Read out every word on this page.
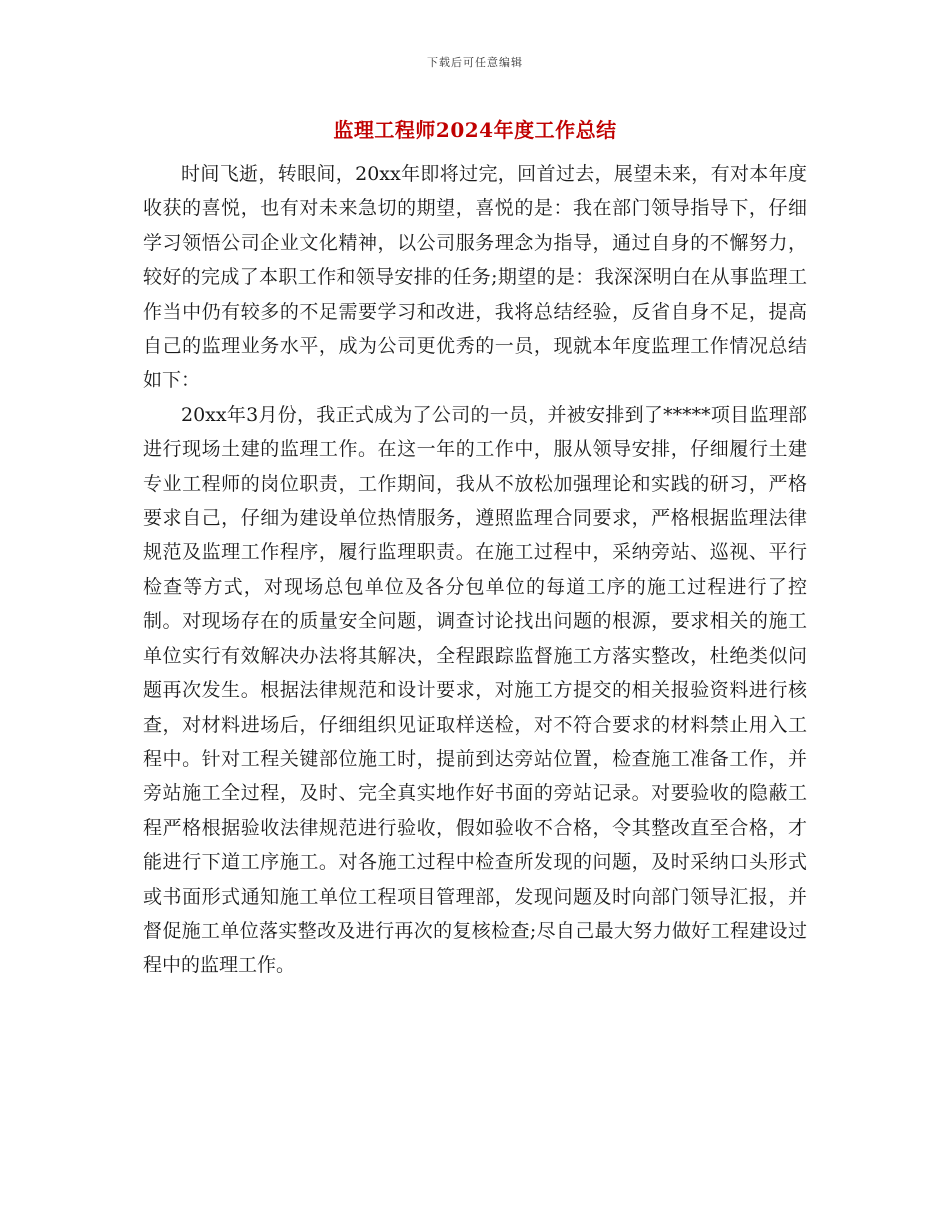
下载后可任意编辑
监理工程师2024年度工作总结

时间飞逝，转眼间，20xx年即将过完，回首过去，展望未来，有对本年度收获的喜悦，也有对未来急切的期望，喜悦的是：我在部门领导指导下，仔细学习领悟公司企业文化精神，以公司服务理念为指导，通过自身的不懈努力，较好的完成了本职工作和领导安排的任务;期望的是：我深深明白在从事监理工作当中仍有较多的不足需要学习和改进，我将总结经验，反省自身不足，提高自己的监理业务水平，成为公司更优秀的一员，现就本年度监理工作情况总结如下：

20xx年3月份，我正式成为了公司的一员，并被安排到了*****项目监理部进行现场土建的监理工作。在这一年的工作中，服从领导安排，仔细履行土建专业工程师的岗位职责，工作期间，我从不放松加强理论和实践的研习，严格要求自己，仔细为建设单位热情服务，遵照监理合同要求，严格根据监理法律规范及监理工作程序，履行监理职责。在施工过程中，采纳旁站、巡视、平行检查等方式，对现场总包单位及各分包单位的每道工序的施工过程进行了控制。对现场存在的质量安全问题，调查讨论找出问题的根源，要求相关的施工单位实行有效解决办法将其解决，全程跟踪监督施工方落实整改，杜绝类似问题再次发生。根据法律规范和设计要求，对施工方提交的相关报验资料进行核查，对材料进场后，仔细组织见证取样送检，对不符合要求的材料禁止用入工程中。针对工程关键部位施工时，提前到达旁站位置，检查施工准备工作，并旁站施工全过程，及时、完全真实地作好书面的旁站记录。对要验收的隐蔽工程严格根据验收法律规范进行验收，假如验收不合格，令其整改直至合格，才能进行下道工序施工。对各施工过程中检查所发现的问题，及时采纳口头形式或书面形式通知施工单位工程项目管理部，发现问题及时向部门领导汇报，并督促施工单位落实整改及进行再次的复核检查;尽自己最大努力做好工程建设过程中的监理工作。
